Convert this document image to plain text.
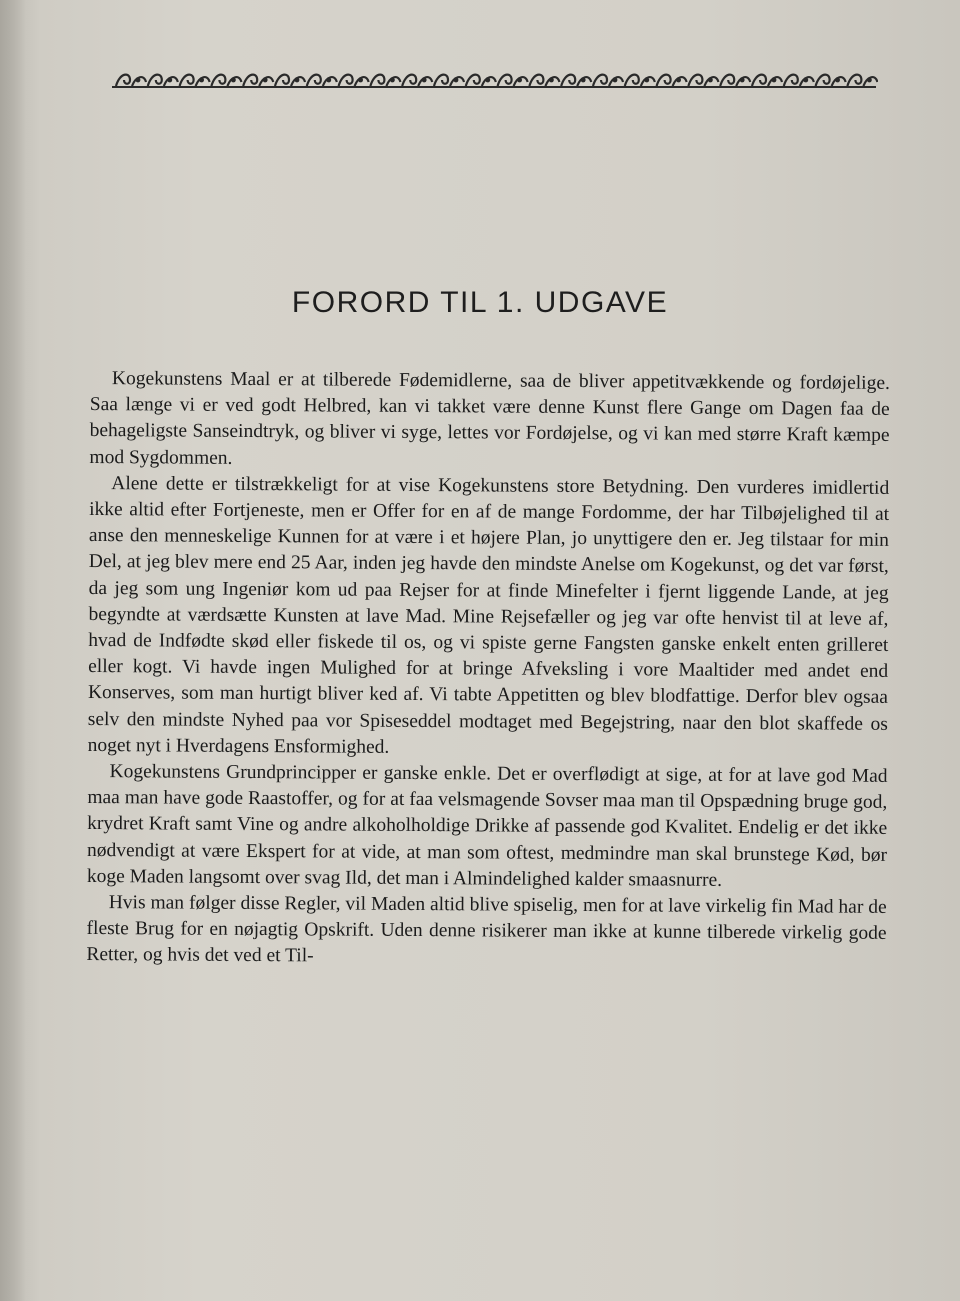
FORORD TIL 1. UDGAVE

Kogekunstens Maal er at tilberede Fødemidlerne, saa de bliver appetitvækkende og fordøjelige. Saa længe vi er ved godt Helbred, kan vi takket være denne Kunst flere Gange om Dagen faa de behageligste Sanseindtryk, og bliver vi syge, lettes vor Fordøjelse, og vi kan med større Kraft kæmpe mod Sygdommen.

Alene dette er tilstrækkeligt for at vise Kogekunstens store Betydning. Den vurderes imidlertid ikke altid efter Fortjeneste, men er Offer for en af de mange Fordomme, der har Tilbøjelighed til at anse den menneskelige Kunnen for at være i et højere Plan, jo unyttigere den er. Jeg tilstaar for min Del, at jeg blev mere end 25 Aar, inden jeg havde den mindste Anelse om Kogekunst, og det var først, da jeg som ung Ingeniør kom ud paa Rejser for at finde Minefelter i fjernt liggende Lande, at jeg begyndte at værdsætte Kunsten at lave Mad. Mine Rejsefæller og jeg var ofte henvist til at leve af, hvad de Indfødte skød eller fiskede til os, og vi spiste gerne Fangsten ganske enkelt enten grilleret eller kogt. Vi havde ingen Mulighed for at bringe Afveksling i vore Maaltider med andet end Konserves, som man hurtigt bliver ked af. Vi tabte Appetitten og blev blodfattige. Derfor blev ogsaa selv den mindste Nyhed paa vor Spiseseddel modtaget med Begejstring, naar den blot skaffede os noget nyt i Hverdagens Ensformighed.

Kogekunstens Grundprincipper er ganske enkle. Det er overflødigt at sige, at for at lave god Mad maa man have gode Raastoffer, og for at faa velsmagende Sovser maa man til Opspædning bruge god, krydret Kraft samt Vine og andre alkoholholdige Drikke af passende god Kvalitet. Endelig er det ikke nødvendigt at være Ekspert for at vide, at man som oftest, medmindre man skal brunstege Kød, bør koge Maden langsomt over svag Ild, det man i Almindelighed kalder smaasnurre.

Hvis man følger disse Regler, vil Maden altid blive spiselig, men for at lave virkelig fin Mad har de fleste Brug for en nøjagtig Opskrift. Uden denne risikerer man ikke at kunne tilberede virkelig gode Retter, og hvis det ved et Til-
